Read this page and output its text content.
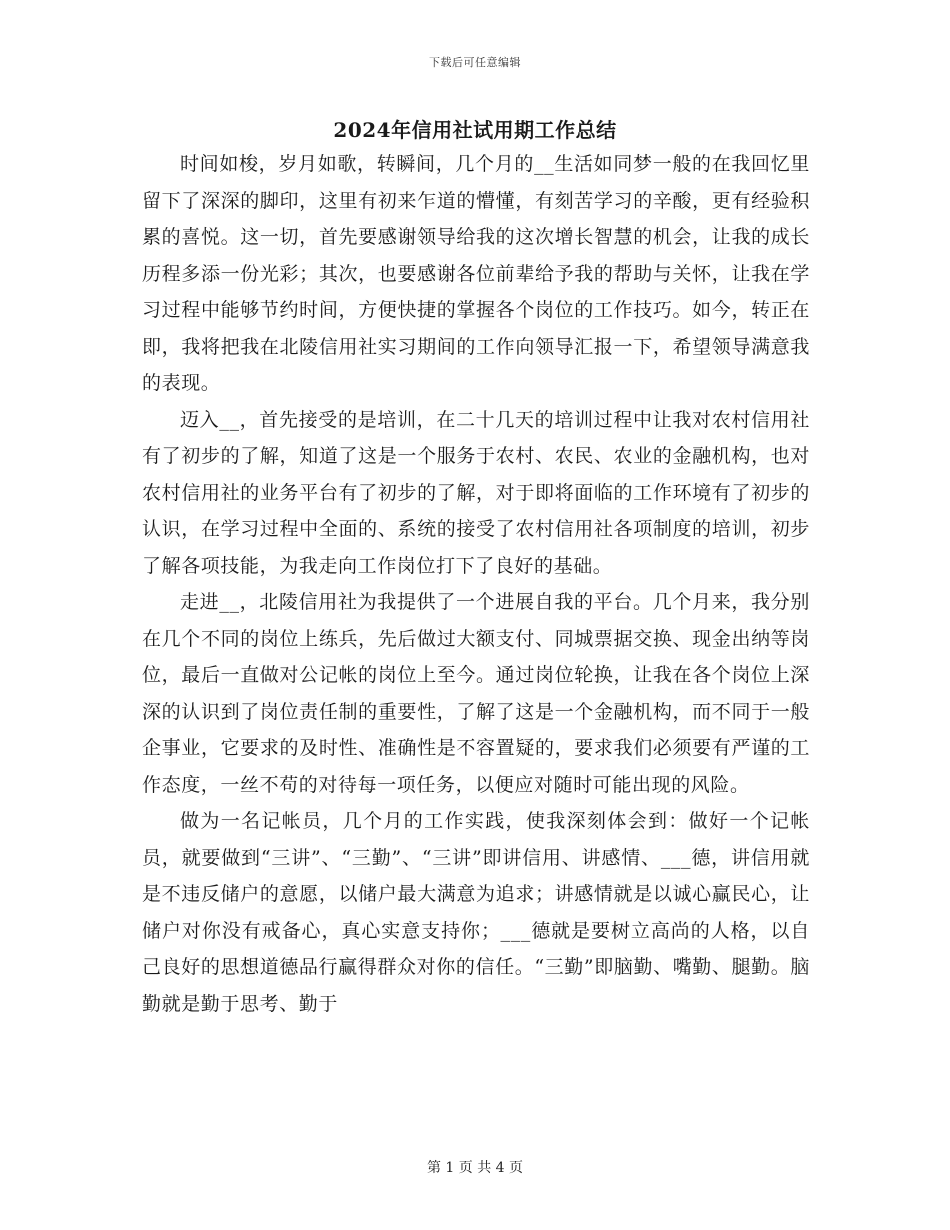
下载后可任意编辑
2024年信用社试用期工作总结

时间如梭，岁月如歌，转瞬间，几个月的__生活如同梦一般的在我回忆里留下了深深的脚印，这里有初来乍道的懵懂，有刻苦学习的辛酸，更有经验积累的喜悦。这一切，首先要感谢领导给我的这次增长智慧的机会，让我的成长历程多添一份光彩；其次，也要感谢各位前辈给予我的帮助与关怀，让我在学习过程中能够节约时间，方便快捷的掌握各个岗位的工作技巧。如今，转正在即，我将把我在北陵信用社实习期间的工作向领导汇报一下，希望领导满意我的表现。

迈入__，首先接受的是培训，在二十几天的培训过程中让我对农村信用社有了初步的了解，知道了这是一个服务于农村、农民、农业的金融机构，也对农村信用社的业务平台有了初步的了解，对于即将面临的工作环境有了初步的认识，在学习过程中全面的、系统的接受了农村信用社各项制度的培训，初步了解各项技能，为我走向工作岗位打下了良好的基础。

走进__，北陵信用社为我提供了一个进展自我的平台。几个月来，我分别在几个不同的岗位上练兵，先后做过大额支付、同城票据交换、现金出纳等岗位，最后一直做对公记帐的岗位上至今。通过岗位轮换，让我在各个岗位上深深的认识到了岗位责任制的重要性，了解了这是一个金融机构，而不同于一般企事业，它要求的及时性、准确性是不容置疑的，要求我们必须要有严谨的工作态度，一丝不苟的对待每一项任务，以便应对随时可能出现的风险。

做为一名记帐员，几个月的工作实践，使我深刻体会到：做好一个记帐员，就要做到“三讲”、“三勤”、“三讲”即讲信用、讲感情、___德，讲信用就是不违反储户的意愿，以储户最大满意为追求；讲感情就是以诚心赢民心，让储户对你没有戒备心，真心实意支持你；___德就是要树立高尚的人格，以自己良好的思想道德品行赢得群众对你的信任。“三勤”即脑勤、嘴勤、腿勤。脑勤就是勤于思考、勤于

第 1 页 共 4 页
